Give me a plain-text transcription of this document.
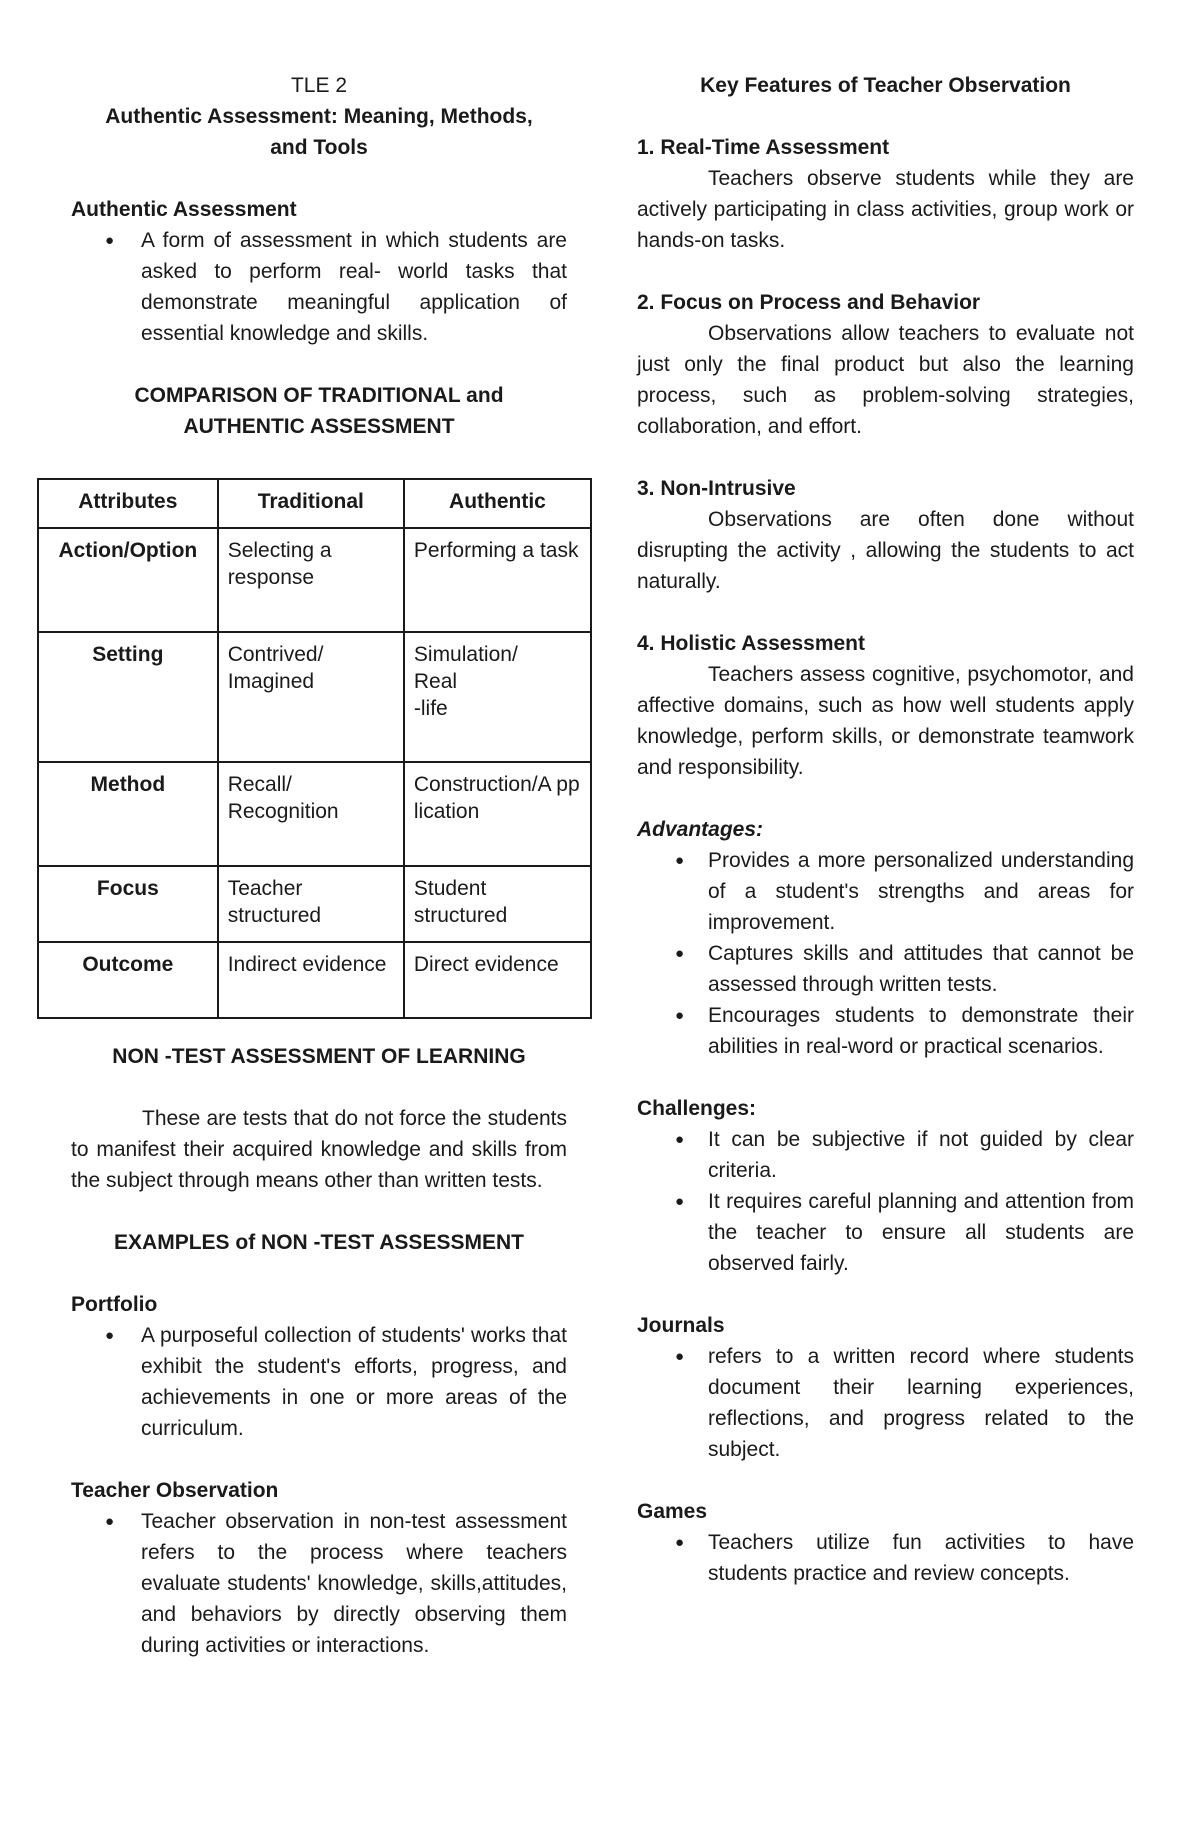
TLE 2
Authentic Assessment: Meaning, Methods,
and Tools
Authentic Assessment
● A form of assessment in which students are asked to perform real- world tasks that demonstrate meaningful application of essential knowledge and skills.
COMPARISON OF TRADITIONAL and
AUTHENTIC ASSESSMENT
Attributes	Traditional	Authentic
Action/Option	Selecting a response	Performing a task
Setting	Contrived/ Imagined	Simulation/
Real
-life

Method	Recall/ Recognition	Construction/A pplication
Focus	Teacher structured	Student structured
Outcome	Indirect evidence	Direct evidence
NON -TEST ASSESSMENT OF LEARNING
These are tests that do not force the students to manifest their acquired knowledge and skills from the subject through means other than written tests.
EXAMPLES of NON -TEST ASSESSMENT
Portfolio
● A purposeful collection of students' works that exhibit the student's efforts, progress, and achievements in one or more areas of the curriculum.
Teacher Observation
● Teacher observation in non-test assessment refers to the process where teachers evaluate students' knowledge, skills,attitudes, and behaviors by directly observing them during activities or interactions.
Key Features of Teacher Observation
1. Real-Time Assessment
Teachers observe students while they are actively participating in class activities, group work or hands-on tasks.
2. Focus on Process and Behavior
Observations allow teachers to evaluate not just only the final product but also the learning process, such as problem-solving strategies, collaboration, and effort.
3. Non-Intrusive
Observations are often done without disrupting the activity , allowing the students to act naturally.
4. Holistic Assessment
Teachers assess cognitive, psychomotor, and affective domains, such as how well students apply knowledge, perform skills, or demonstrate teamwork and responsibility.
Advantages:
● Provides a more personalized understanding of a student's strengths and areas for improvement.
● Captures skills and attitudes that cannot be assessed through written tests.
● Encourages students to demonstrate their abilities in real-word or practical scenarios.
Challenges:
● It can be subjective if not guided by clear criteria.
● It requires careful planning and attention from the teacher to ensure all students are observed fairly.
Journals
● refers to a written record where students document their learning experiences, reflections, and progress related to the subject.
Games
● Teachers utilize fun activities to have students practice and review concepts.
